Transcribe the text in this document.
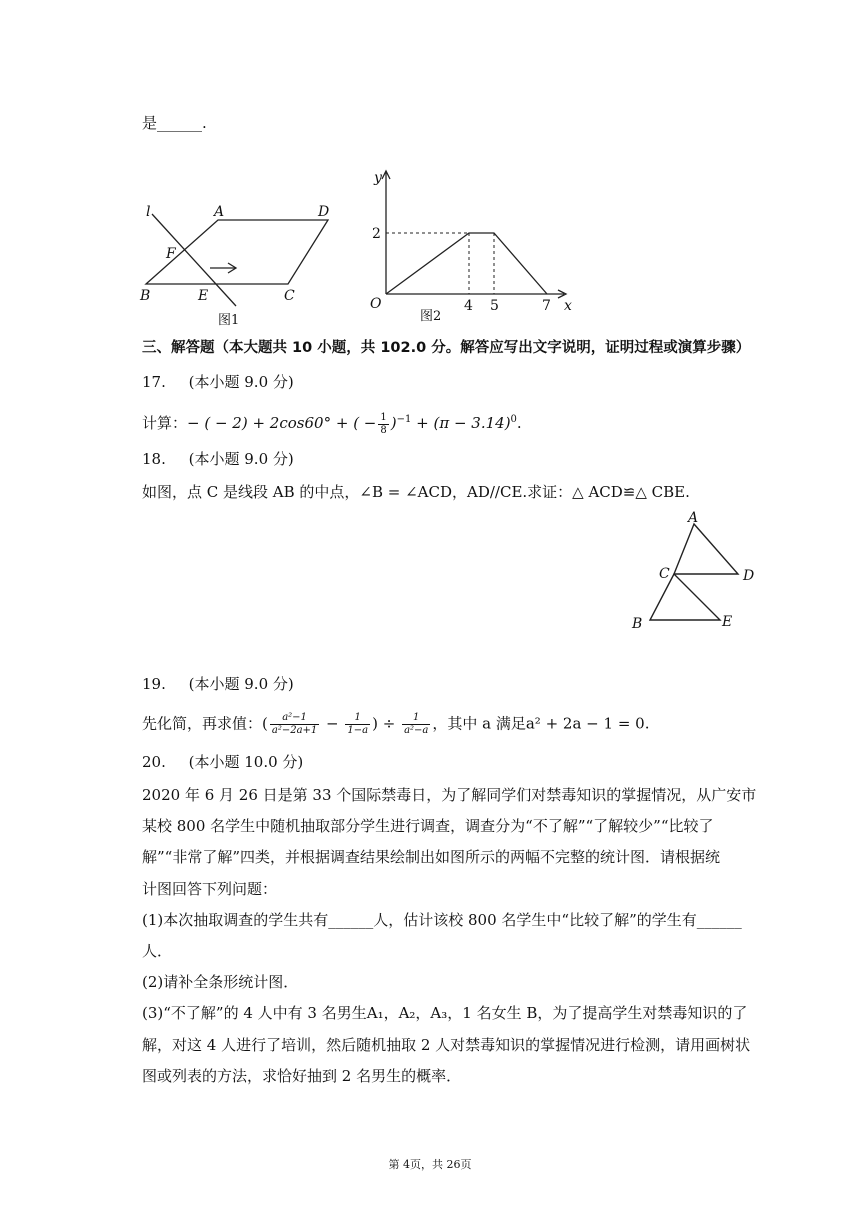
是______.
l	A	D
F
B	E	C
图1
y
2
O	4 5	7 x
图2
三、解答题（本大题共 10 小题，共 102.0 分。解答应写出文字说明，证明过程或演算步骤）
17. (本小题 9.0 分)
计算：− ( − 2) + 2cos60° + ( − $\frac{1}{8} )^{-1} + (\pi - 3.14)^0$.
18. (本小题 9.0 分)
如图，点 C 是线段 AB 的中点，∠B = ∠ACD，AD//CE.求证：△ ACD≌△ CBE.
A
C	D
B	E
19. (本小题 9.0 分)
先化简，再求值：( $\frac{\text{a²−1}}{\text{a²−2a+1}} - \frac{1}{1-a}$ ) ÷ $\frac{1}{\text{a²−a}}$ ，其中 a 满足a² + 2a − 1 = 0.
20. (本小题 10.0 分)
2020 年 6 月 26 日是第 33 个国际禁毒日，为了解同学们对禁毒知识的掌握情况，从广安市
某校 800 名学生中随机抽取部分学生进行调查，调查分为“不了解”“了解较少”“比较了
解”“非常了解”四类，并根据调查结果绘制出如图所示的两幅不完整的统计图．请根据统
计图回答下列问题：
(1)本次抽取调查的学生共有______人，估计该校 800 名学生中“比较了解”的学生有______
人．
(2)请补全条形统计图．
(3)“不了解”的 4 人中有 3 名男生A₁，A₂，A₃，1 名女生 B，为了提高学生对禁毒知识的了
解，对这 4 人进行了培训，然后随机抽取 2 人对禁毒知识的掌握情况进行检测，请用画树状
图或列表的方法，求恰好抽到 2 名男生的概率．
第 4页，共 26页
